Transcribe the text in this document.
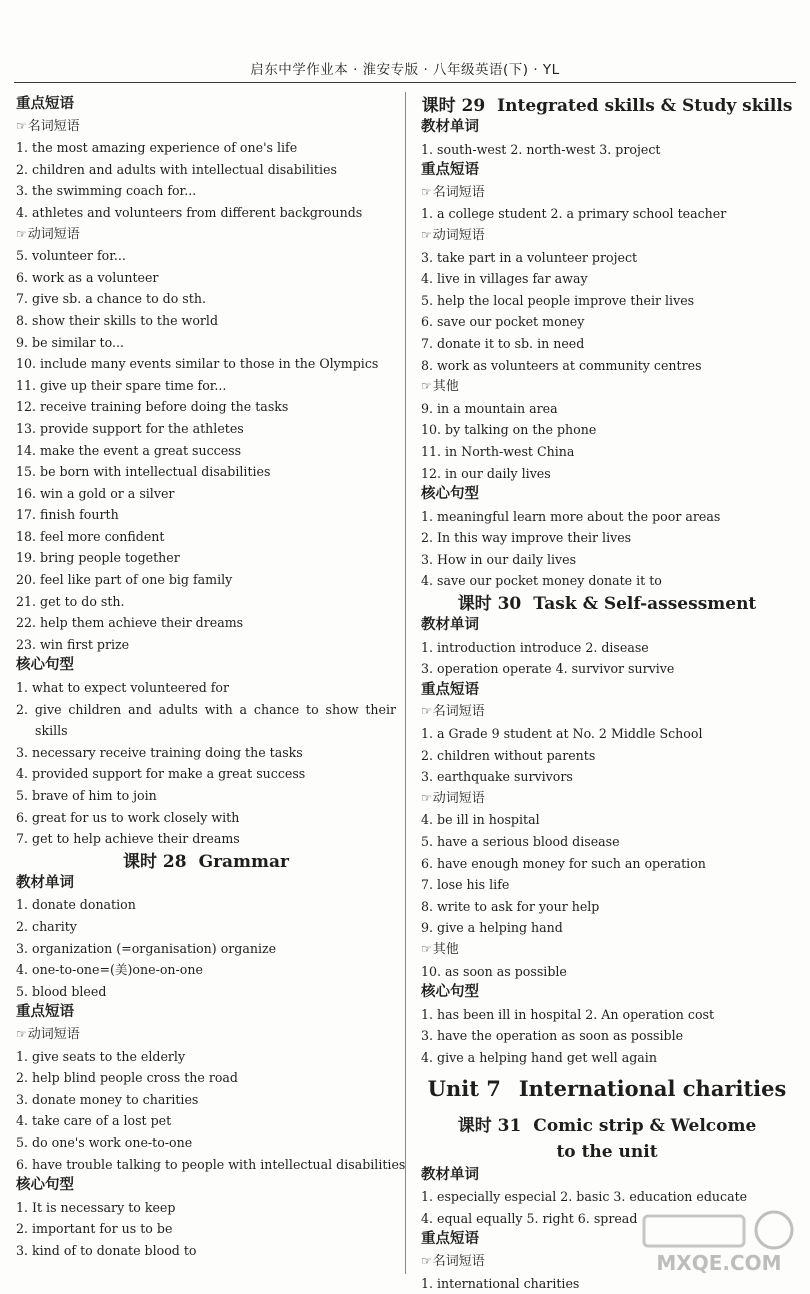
启东中学作业本 · 淮安专版 · 八年级英语(下) · YL
重点短语
☞名词短语
1. the most amazing experience of one's life
2. children and adults with intellectual disabilities
3. the swimming coach for...
4. athletes and volunteers from different backgrounds
☞动词短语
5. volunteer for...
6. work as a volunteer
7. give sb. a chance to do sth.
8. show their skills to the world
9. be similar to...
10. include many events similar to those in the Olympics
11. give up their spare time for...
12. receive training before doing the tasks
13. provide support for the athletes
14. make the event a great success
15. be born with intellectual disabilities
16. win a gold or a silver
17. finish fourth
18. feel more confident
19. bring people together
20. feel like part of one big family
21. get to do sth.
22. help them achieve their dreams
23. win first prize
核心句型
1. what to expect volunteered for
2. give children and adults with a chance to show their skills
3. necessary receive training doing the tasks
4. provided support for make a great success
5. brave of him to join
6. great for us to work closely with
7. get to help achieve their dreams
课时 28 Grammar
教材单词
1. donate donation
2. charity
3. organization (=organisation) organize
4. one-to-one=(美)one-on-one
5. blood bleed
重点短语
☞动词短语
1. give seats to the elderly
2. help blind people cross the road
3. donate money to charities
4. take care of a lost pet
5. do one's work one-to-one
6. have trouble talking to people with intellectual disabilities
核心句型
1. It is necessary to keep
2. important for us to be
3. kind of to donate blood to
课时 29 Integrated skills & Study skills
教材单词
1. south-west 2. north-west 3. project
重点短语
☞名词短语
1. a college student 2. a primary school teacher
☞动词短语
3. take part in a volunteer project
4. live in villages far away
5. help the local people improve their lives
6. save our pocket money
7. donate it to sb. in need
8. work as volunteers at community centres
☞其他
9. in a mountain area
10. by talking on the phone
11. in North-west China
12. in our daily lives
核心句型
1. meaningful learn more about the poor areas
2. In this way improve their lives
3. How in our daily lives
4. save our pocket money donate it to
课时 30 Task & Self-assessment
教材单词
1. introduction introduce 2. disease
3. operation operate 4. survivor survive
重点短语
☞名词短语
1. a Grade 9 student at No. 2 Middle School
2. children without parents
3. earthquake survivors
☞动词短语
4. be ill in hospital
5. have a serious blood disease
6. have enough money for such an operation
7. lose his life
8. write to ask for your help
9. give a helping hand
☞其他
10. as soon as possible
核心句型
1. has been ill in hospital 2. An operation cost
3. have the operation as soon as possible
4. give a helping hand get well again
Unit 7 International charities
课时 31 Comic strip & Welcome
to the unit
教材单词
1. especially especial 2. basic 3. education educate
4. equal equally 5. right 6. spread
重点短语
☞名词短语
1. international charities
MXQE.COM
